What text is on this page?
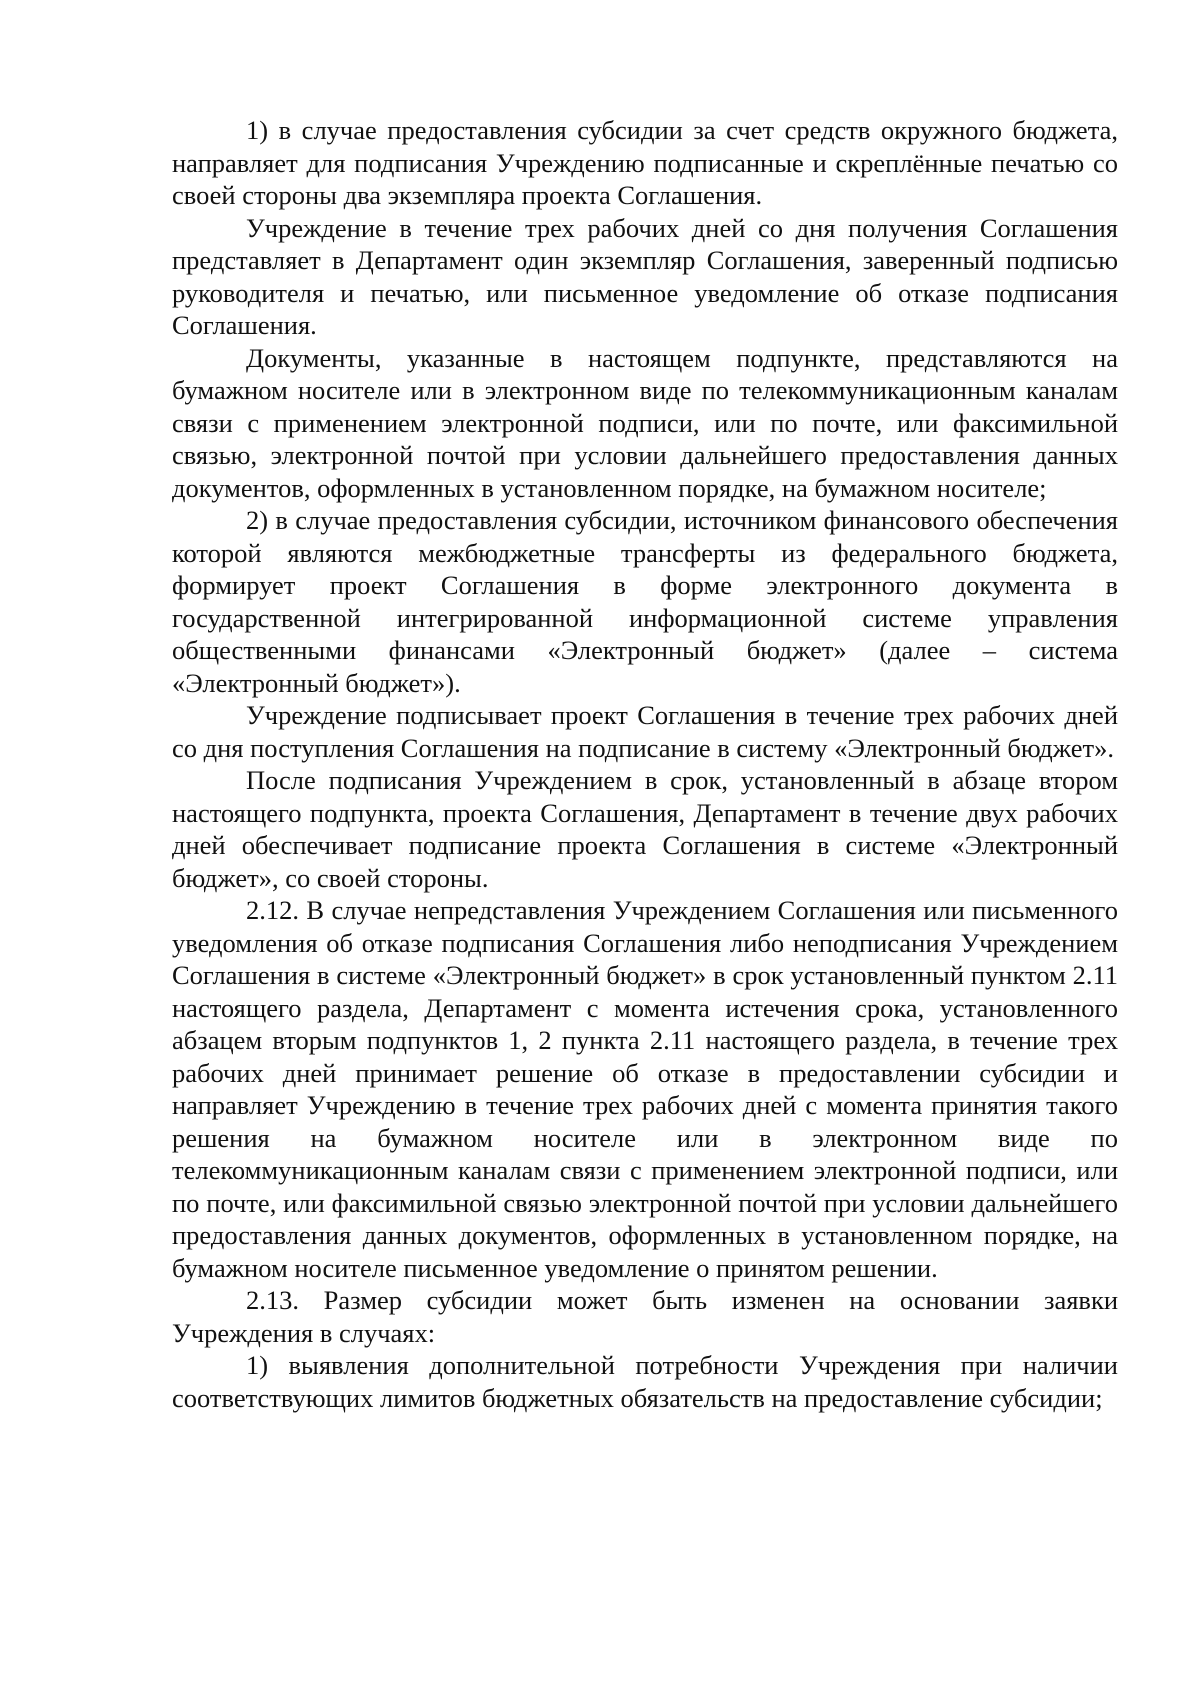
1) в случае предоставления субсидии за счет средств окружного бюджета, направляет для подписания Учреждению подписанные и скреплённые печатью со своей стороны два экземпляра проекта Соглашения.

Учреждение в течение трех рабочих дней со дня получения Соглашения представляет в Департамент один экземпляр Соглашения, заверенный подписью руководителя и печатью, или письменное уведомление об отказе подписания Соглашения.

Документы, указанные в настоящем подпункте, представляются на бумажном носителе или в электронном виде по телекоммуникационным каналам связи с применением электронной подписи, или по почте, или факсимильной связью, электронной почтой при условии дальнейшего предоставления данных документов, оформленных в установленном порядке, на бумажном носителе;

2) в случае предоставления субсидии, источником финансового обеспечения которой являются межбюджетные трансферты из федерального бюджета, формирует проект Соглашения в форме электронного документа в государственной интегрированной информационной системе управления общественными финансами «Электронный бюджет» (далее – система «Электронный бюджет»).

Учреждение подписывает проект Соглашения в течение трех рабочих дней со дня поступления Соглашения на подписание в систему «Электронный бюджет».

После подписания Учреждением в срок, установленный в абзаце втором настоящего подпункта, проекта Соглашения, Департамент в течение двух рабочих дней обеспечивает подписание проекта Соглашения в системе «Электронный бюджет», со своей стороны.

2.12. В случае непредставления Учреждением Соглашения или письменного уведомления об отказе подписания Соглашения либо неподписания Учреждением Соглашения в системе «Электронный бюджет» в срок установленный пунктом 2.11 настоящего раздела, Департамент с момента истечения срока, установленного абзацем вторым подпунктов 1, 2 пункта 2.11 настоящего раздела, в течение трех рабочих дней принимает решение об отказе в предоставлении субсидии и направляет Учреждению в течение трех рабочих дней с момента принятия такого решения на бумажном носителе или в электронном виде по телекоммуникационным каналам связи с применением электронной подписи, или по почте, или факсимильной связью электронной почтой при условии дальнейшего предоставления данных документов, оформленных в установленном порядке, на бумажном носителе письменное уведомление о принятом решении.

2.13. Размер субсидии может быть изменен на основании заявки Учреждения в случаях:

1) выявления дополнительной потребности Учреждения при наличии соответствующих лимитов бюджетных обязательств на предоставление субсидии;
